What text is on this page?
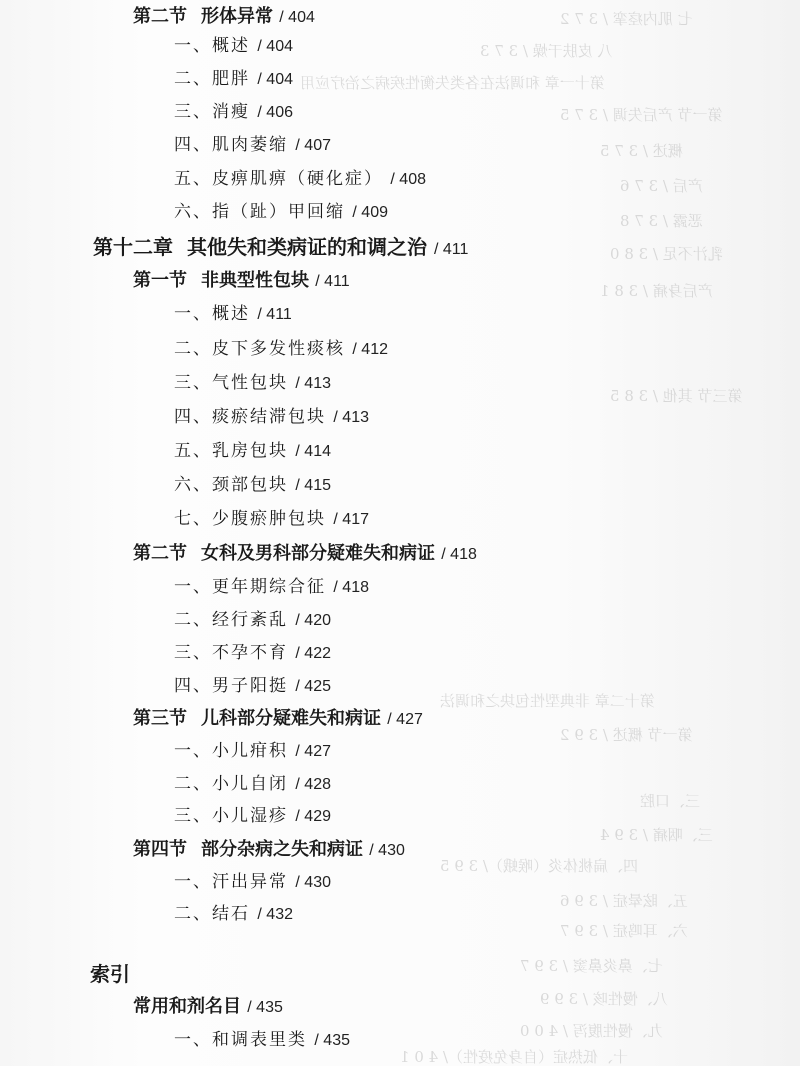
七 肌内痉挛 / 3 7 2
八 皮肤干燥 / 3 7 3
第十一章 和调法在各类失衡性疾病之治疗应用
第一节 产后失调 / 3 7 5
概述 / 3 7 5
产后 / 3 7 6
恶露 / 3 7 8
乳汁不足 / 3 8 0
产后身痛 / 3 8 1
第三节 其他 / 3 8 5
第十二章 非典型性包块之和调法
第一节 概述 / 3 9 2
三、口腔
三、咽痛 / 3 9 4
四、扁桃体炎（喉蛾）/ 3 9 5
五、眩晕症 / 3 9 6
六、耳鸣症 / 3 9 7
七、鼻炎鼻窦 / 3 9 7
八、慢性咳 / 3 9 9
九、慢性腹泻 / 4 0 0
十、低热症（自身免疫性）/ 4 0 1
第二节 形体异常 / 404
一、概述 / 404
二、肥胖 / 404
三、消瘦 / 406
四、肌肉萎缩 / 407
五、皮痹肌痹（硬化症） / 408
六、指（趾）甲回缩 / 409
第十二章 其他失和类病证的和调之治 / 411
第一节 非典型性包块 / 411
一、概述 / 411
二、皮下多发性痰核 / 412
三、气性包块 / 413
四、痰瘀结滞包块 / 413
五、乳房包块 / 414
六、颈部包块 / 415
七、少腹瘀肿包块 / 417
第二节 女科及男科部分疑难失和病证 / 418
一、更年期综合征 / 418
二、经行紊乱 / 420
三、不孕不育 / 422
四、男子阳挺 / 425
第三节 儿科部分疑难失和病证 / 427
一、小儿疳积 / 427
二、小儿自闭 / 428
三、小儿湿疹 / 429
第四节 部分杂病之失和病证 / 430
一、汗出异常 / 430
二、结石 / 432
索引
常用和剂名目 / 435
一、和调表里类 / 435
